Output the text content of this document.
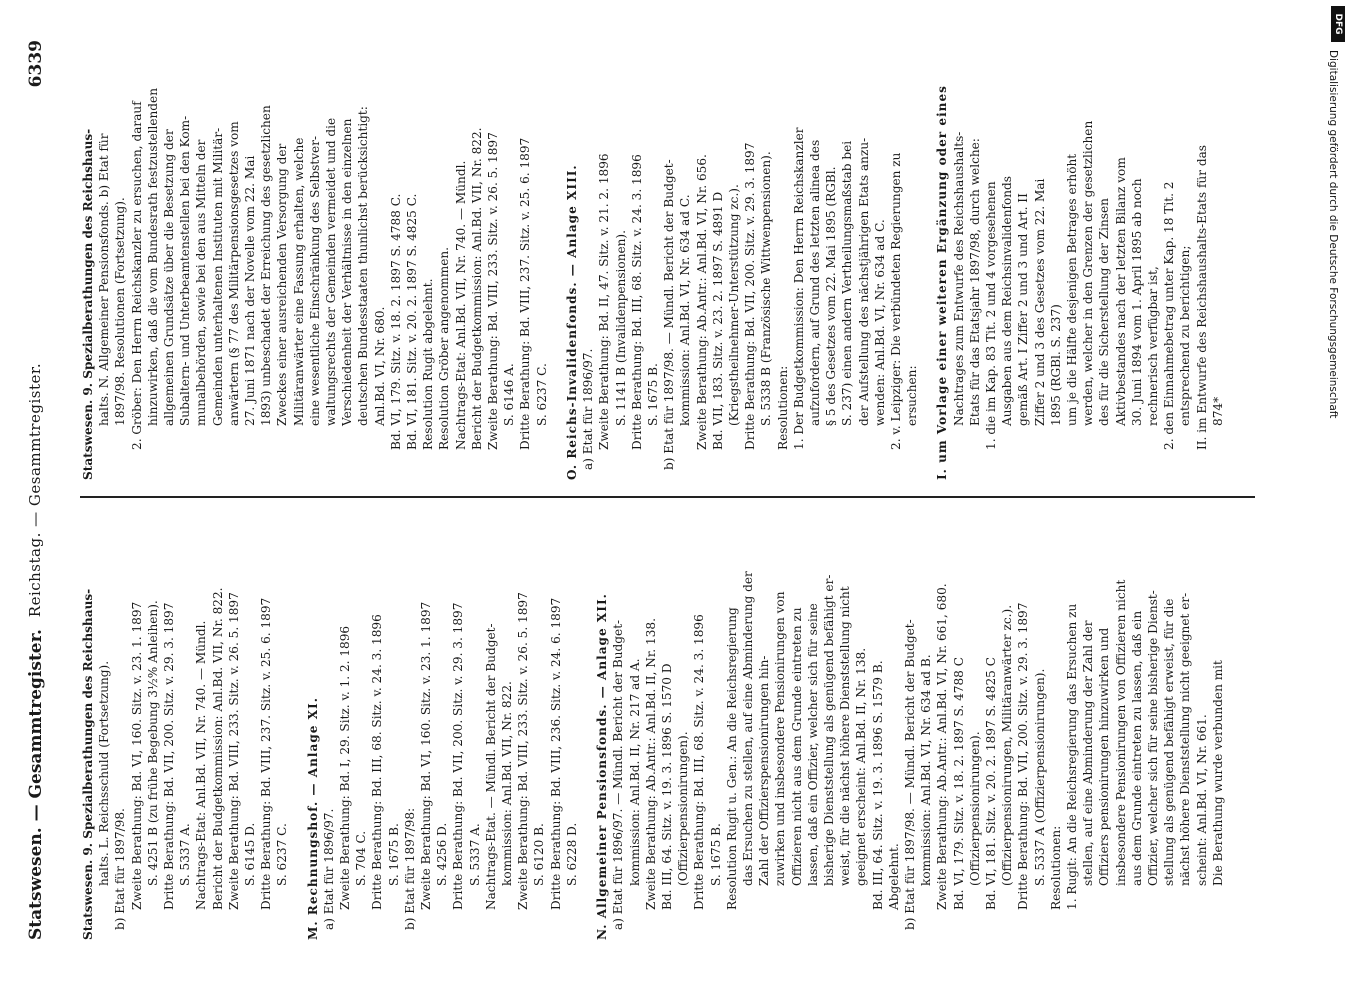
Statswesen. — Gesammtregister.
Reichstag. — Gesammtregister.
6339
Statswesen. 9. Spezialberathungen des Reichshaus- halts. L. Reichsschuld (Fortsetzung). b) Etat für 1897/98. Zweite Berathung: Bd. VI, 160. Sitz. v. 23. 1. 1897 S. 4251 B (zu frühe Begebung 3½% Anleihen). Dritte Berathung: Bd. VII, 200. Sitz. v. 29. 3. 1897 S. 5337 A. Nachtrags-Etat: Anl.Bd. VII, Nr. 740. — Mündl. Bericht der Budgetkommission: Anl.Bd. VII, Nr. 822. Zweite Berathung: Bd. VIII, 233. Sitz. v. 26. 5. 1897 S. 6145 D. Dritte Berathung: Bd. VIII, 237. Sitz. v. 25. 6. 1897 S. 6237 C. M. Rechnungshof. — Anlage XI. a) Etat für 1896/97. Zweite Berathung: Bd. I, 29. Sitz. v. 1. 2. 1896 S. 704 C. Dritte Berathung: Bd. III, 68. Sitz. v. 24. 3. 1896 S. 1675 B. b) Etat für 1897/98: Zweite Berathung: Bd. VI, 160. Sitz. v. 23. 1. 1897 S. 4256 D. Dritte Berathung: Bd. VII, 200. Sitz. v. 29. 3. 1897 S. 5337 A. Nachtrags-Etat. — Mündl. Bericht der Budget- kommission: Anl.Bd. VII, Nr. 822. Zweite Berathung: Bd. VIII, 233. Sitz. v. 26. 5. 1897 S. 6120 B. Dritte Berathung: Bd. VIII, 236. Sitz. v. 24. 6. 1897 S. 6228 D. N. Allgemeiner Pensionsfonds. — Anlage XII. a) Etat für 1896/97. — Mündl. Bericht der Budget- kommission: Anl.Bd. II, Nr. 217 ad A. Zweite Berathung: Ab.Antr.: Anl.Bd. II, Nr. 138. Bd. III, 64. Sitz. v. 19. 3. 1896 S. 1570 D (Offizierpensionirungen). Dritte Berathung: Bd. III, 68. Sitz. v. 24. 3. 1896 S. 1675 B. Resolution Rugit u. Gen.: An die Reichsregierung das Ersuchen zu stellen, auf eine Abminderung der Zahl der Offizierspensionirungen hin- zuwirken und insbesondere Pensionirungen von Offizieren nicht aus dem Grunde eintreten zu lassen, daß ein Offizier, welcher sich für seine bisherige Dienststellung als genügend befähigt er- weist, für die nächst höhere Dienststellung nicht geeignet erscheint: Anl.Bd. II, Nr. 138. Bd. III, 64. Sitz. v. 19. 3. 1896 S. 1579 B. Abgelehnt. b) Etat für 1897/98. — Mündl. Bericht der Budget- kommission: Anl.Bd. VI, Nr. 634 ad B. Zweite Berathung: Ab.Antr.: Anl.Bd. VI, Nr. 661, 680. Bd. VI, 179. Sitz. v. 18. 2. 1897 S. 4788 C (Offizierpensionirungen). Bd. VI, 181. Sitz. v. 20. 2. 1897 S. 4825 C (Offizierpensionirungen, Militäranwärter zc.). Dritte Berathung: Bd. VII, 200. Sitz. v. 29. 3. 1897 S. 5337 A (Offizierpensionirungen). Resolutionen: 1. Rugit: An die Reichsregierung das Ersuchen zu stellen, auf eine Abminderung der Zahl der Offiziers pensionirungen hinzuwirken und insbesondere Pensionirungen von Offizieren nicht aus dem Grunde eintreten zu lassen, daß ein Offizier, welcher sich für seine bisherige Dienst- stellung als genügend befähigt erweist, für die nächst höhere Dienststellung nicht geeignet er- scheint: Anl.Bd. VI, Nr. 661. Die Berathung wurde verbunden mit
Statswesen. 9. Spezialberathungen des Reichshaus- halts. N. Allgemeiner Pensionsfonds. b) Etat für 1897/98. Resolutionen (Fortsetzung). 2. Gröber: Den Herrn Reichskanzler zu ersuchen, darauf hinzuwirken, daß die vom Bundesrath festzustellenden allgemeinen Grundsätze über die Besetzung der Subaltern- und Unterbeamtenstellen bei den Kom- munalbehörden, sowie bei den aus Mitteln der Gemeinden unterhaltenen Instituten mit Militär- anwärtern (§ 77 des Militärpensionsgesetzes vom 27. Juni 1871 nach der Novelle vom 22. Mai 1893) unbeschadet der Erreichung des gesetzlichen Zweckes einer ausreichenden Versorgung der Militäranwärter eine Fassung erhalten, welche eine wesentliche Einschränkung des Selbstver- waltungsrechts der Gemeinden vermeidet und die Verschiedenheit der Verhältnisse in den einzelnen deutschen Bundesstaaten thunlichst berücksichtigt: Anl.Bd. VI, Nr. 680. Bd. VI, 179. Sitz. v. 18. 2. 1897 S. 4788 C. Bd. VI, 181. Sitz. v. 20. 2. 1897 S. 4825 C. Resolution Rugit abgelehnt. Resolution Gröber angenommen. Nachtrags-Etat: Anl.Bd. VII, Nr. 740. — Mündl. Bericht der Budgetkommission: Anl.Bd. VII, Nr. 822. Zweite Berathung: Bd. VIII, 233. Sitz. v. 26. 5. 1897 S. 6146 A. Dritte Berathung: Bd. VIII, 237. Sitz. v. 25. 6. 1897 S. 6237 C. O. Reichs-Invalidenfonds. — Anlage XIII. a) Etat für 1896/97. Zweite Berathung: Bd. II, 47. Sitz. v. 21. 2. 1896 S. 1141 B (Invalidenpensionen). Dritte Berathung: Bd. III, 68. Sitz. v. 24. 3. 1896 S. 1675 B. b) Etat für 1897/98. — Mündl. Bericht der Budget- kommission: Anl.Bd. VI, Nr. 634 ad C. Zweite Berathung: Ab.Antr.: Anl.Bd. VI, Nr. 656. Bd. VII, 183. Sitz. v. 23. 2. 1897 S. 4891 D (Kriegstheilnehmer-Unterstützung zc.). Dritte Berathung: Bd. VII, 200. Sitz. v. 29. 3. 1897 S. 5338 B (Französische Wittwenpensionen). Resolutionen: 1. Der Budgetkommission: Den Herrn Reichskanzler aufzufordern, auf Grund des letzten alinea des § 5 des Gesetzes vom 22. Mai 1895 (RGBl. S. 237) einen andern Vertheilungsmaßstab bei der Aufstellung des nächstjährigen Etats anzu- wenden: Anl.Bd. VI, Nr. 634 ad C. 2. v. Leipziger: Die verbündeten Regierungen zu ersuchen: I. um Vorlage einer weiteren Ergänzung oder eines Nachtrages zum Entwurfe des Reichshaushalts- Etats für das Etatsjahr 1897/98, durch welche: 1. die im Kap. 83 Tit. 2 und 4 vorgesehenen Ausgaben aus dem Reichsinvalidenfonds gemäß Art. I Ziffer 2 und 3 und Art. II Ziffer 2 und 3 des Gesetzes vom 22. Mai 1895 (RGBl. S. 237) um je die Hälfte desjenigen Betrages erhöht werden, welcher in den Grenzen der gesetzlichen des für die Sicherstellung der Zinsen Aktivbestandes nach der letzten Bilanz vom 30. Juni 1894 vom 1. April 1895 ab noch rechnerisch verfügbar ist, 2. den Einnahmebetrag unter Kap. 18 Tit. 2 entsprechend zu berichtigen; II. im Entwurfe des Reichshaushalts-Etats für das 874*
DFG
Digitalisierung gefördert durch die Deutsche Forschungsgemeinschaft
